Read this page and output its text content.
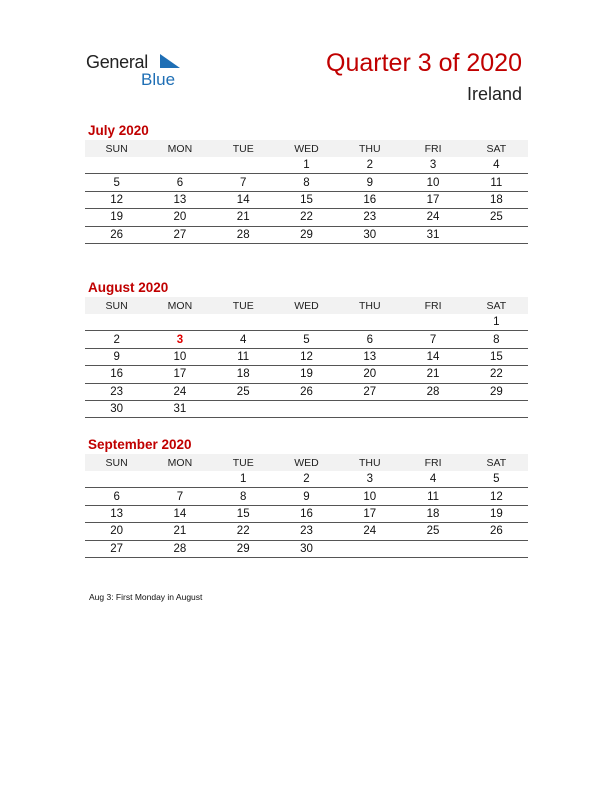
General
Blue
Quarter 3 of 2020
Ireland
July 2020
SUN	MON	TUE	WED	THU	FRI	SAT
			1	2	3	4
5	6	7	8	9	10	11
12	13	14	15	16	17	18
19	20	21	22	23	24	25
26	27	28	29	30	31	
August 2020
SUN	MON	TUE	WED	THU	FRI	SAT
						1
2	3	4	5	6	7	8
9	10	11	12	13	14	15
16	17	18	19	20	21	22
23	24	25	26	27	28	29
30	31					
September 2020
SUN	MON	TUE	WED	THU	FRI	SAT
		1	2	3	4	5
6	7	8	9	10	11	12
13	14	15	16	17	18	19
20	21	22	23	24	25	26
27	28	29	30			
Aug 3: First Monday in August
